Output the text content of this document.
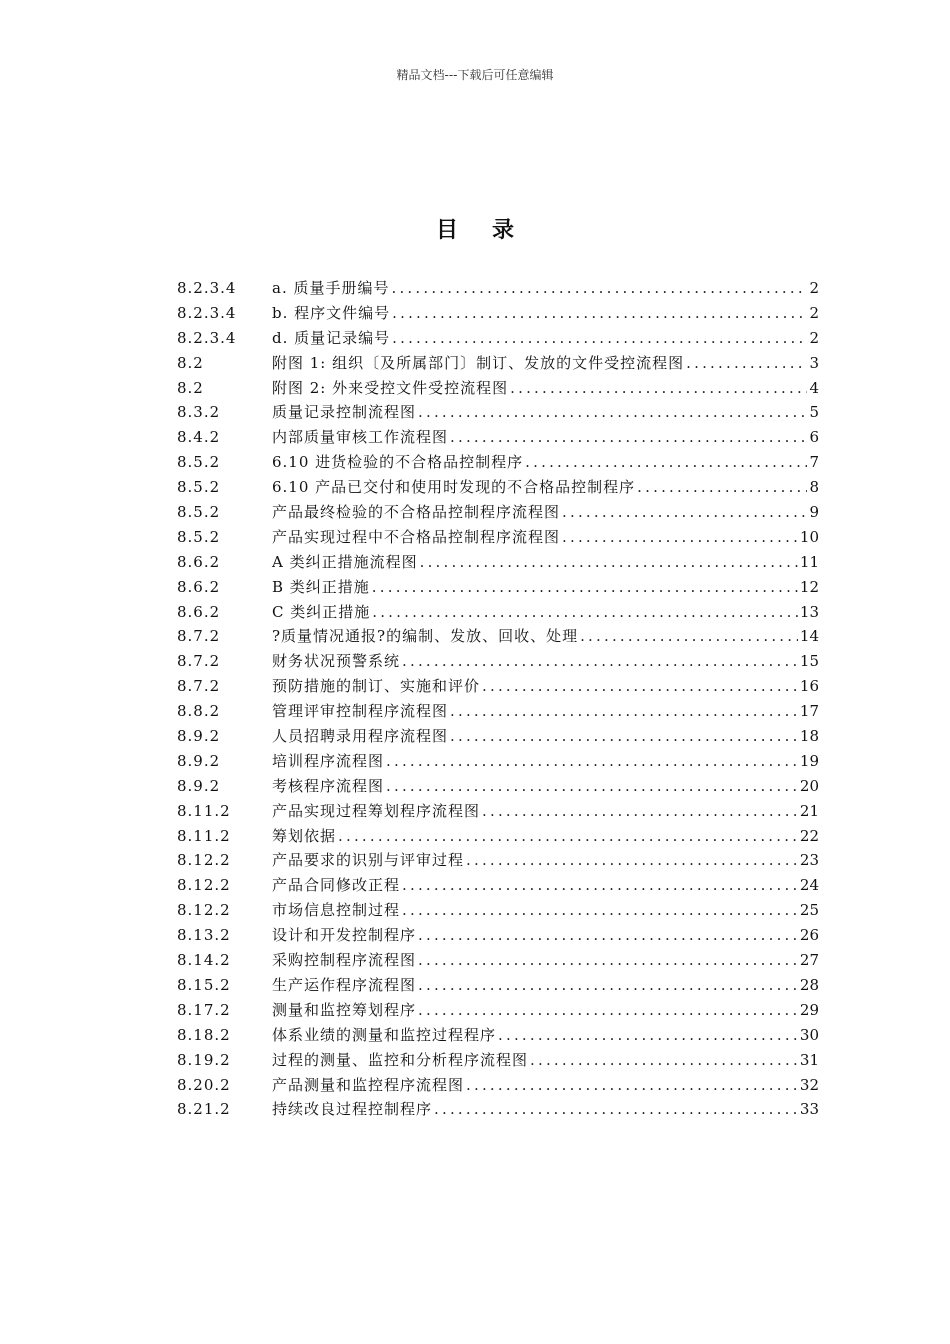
精品文档---下载后可任意编辑
目录
8.2.3.4	a. 质量手册编号 .....	2
8.2.3.4	b. 程序文件编号 .....	2
8.2.3.4	d. 质量记录编号 .....	2
8.2	附图 1: 组织〔及所属部门〕制订、发放的文件受控流程图 .....	3
8.2	附图 2: 外来受控文件受控流程图 .....	4
8.3.2	质量记录控制流程图 .....	5
8.4.2	内部质量审核工作流程图 .....	6
8.5.2	6.10 进货检验的不合格品控制程序 .....	7
8.5.2	6.10 产品已交付和使用时发现的不合格品控制程序 .....	8
8.5.2	产品最终检验的不合格品控制程序流程图 .....	9
8.5.2	产品实现过程中不合格品控制程序流程图 .....	10
8.6.2	A 类纠正措施流程图 .....	11
8.6.2	B 类纠正措施 .....	12
8.6.2	C 类纠正措施 .....	13
8.7.2	?质量情况通报?的编制、发放、回收、处理 .....	14
8.7.2	财务状况预警系统 .....	15
8.7.2	预防措施的制订、实施和评价 .....	16
8.8.2	管理评审控制程序流程图 .....	17
8.9.2	人员招聘录用程序流程图 .....	18
8.9.2	培训程序流程图 .....	19
8.9.2	考核程序流程图 .....	20
8.11.2	产品实现过程筹划程序流程图 .....	21
8.11.2	筹划依据 .....	22
8.12.2	产品要求的识别与评审过程 .....	23
8.12.2	产品合同修改正程 .....	24
8.12.2	市场信息控制过程 .....	25
8.13.2	设计和开发控制程序 .....	26
8.14.2	采购控制程序流程图 .....	27
8.15.2	生产运作程序流程图 .....	28
8.17.2	测量和监控筹划程序 .....	29
8.18.2	体系业绩的测量和监控过程程序 .....	30
8.19.2	过程的测量、监控和分析程序流程图 .....	31
8.20.2	产品测量和监控程序流程图 .....	32
8.21.2	持续改良过程控制程序 .....	33
